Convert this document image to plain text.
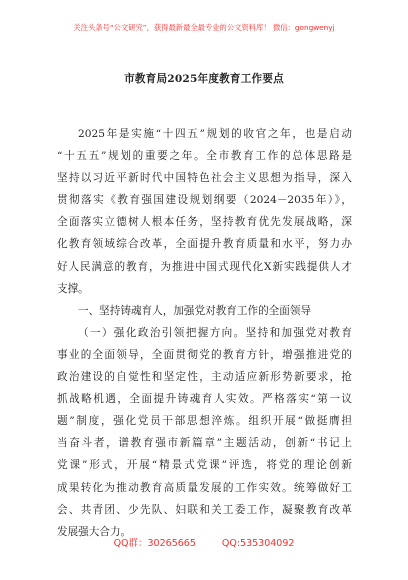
关注头条号“公文研究”，获得最新最全最专业的公文资料库！ 微信：gongwenyj
市教育局2025年度教育工作要点
2025年是实施“十四五”规划的收官之年，也是启动
“十五五”规划的重要之年。全市教育工作的总体思路是
坚持以习近平新时代中国特色社会主义思想为指导，深入
贯彻落实《教育强国建设规划纲要（2024－2035年）》，
全面落实立德树人根本任务，坚持教育优先发展战略，深
化教育领域综合改革，全面提升教育质量和水平，努力办
好人民满意的教育，为推进中国式现代化X新实践提供人才
支撑。
一、坚持铸魂育人，加强党对教育工作的全面领导
（一）强化政治引领把握方向。坚持和加强党对教育
事业的全面领导，全面贯彻党的教育方针，增强推进党的
政治建设的自觉性和坚定性，主动适应新形势新要求，抢
抓战略机遇，全面提升铸魂育人实效。严格落实“第一议
题”制度，强化党员干部思想淬炼。组织开展“做挺膺担
当奋斗者，谱教育强市新篇章”主题活动，创新“书记上
党课”形式，开展“精景式党课”评选，将党的理论创新
成果转化为推动教育高质量发展的工作实效。统筹做好工
会、共青团、少先队、妇联和关工委工作，凝聚教育改革
发展强大合力。
QQ群：30265665	QQ:535304092
